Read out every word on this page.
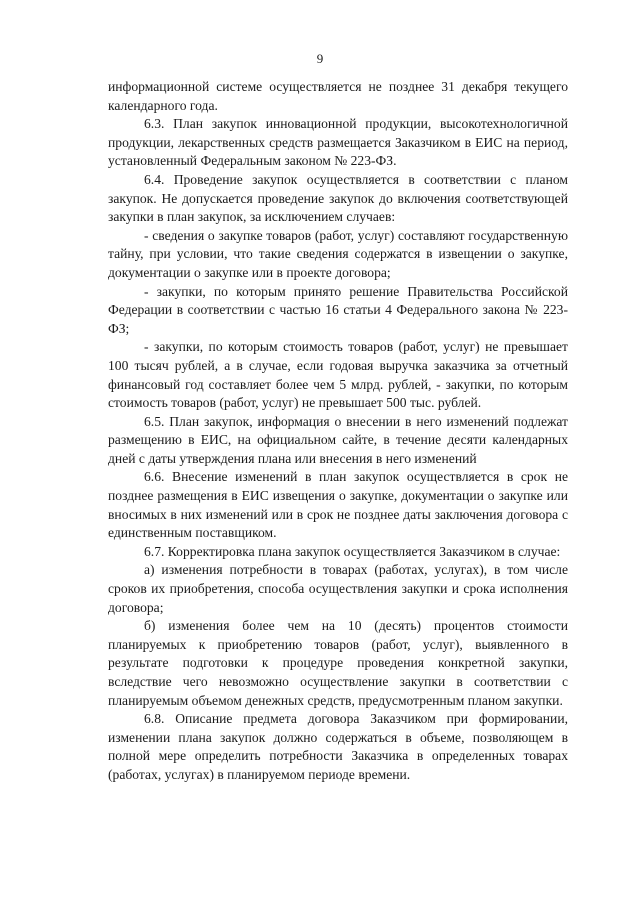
9

информационной системе осуществляется не позднее 31 декабря текущего календарного года.

6.3. План закупок инновационной продукции, высокотехнологичной продукции, лекарственных средств размещается Заказчиком в ЕИС на период, установленный Федеральным законом № 223-ФЗ.

6.4. Проведение закупок осуществляется в соответствии с планом закупок. Не допускается проведение закупок до включения соответствующей закупки в план закупок, за исключением случаев:

- сведения о закупке товаров (работ, услуг) составляют государственную тайну, при условии, что такие сведения содержатся в извещении о закупке, документации о закупке или в проекте договора;

- закупки, по которым принято решение Правительства Российской Федерации в соответствии с частью 16 статьи 4 Федерального закона № 223-ФЗ;

- закупки, по которым стоимость товаров (работ, услуг) не превышает 100 тысяч рублей, а в случае, если годовая выручка заказчика за отчетный финансовый год составляет более чем 5 млрд. рублей, - закупки, по которым стоимость товаров (работ, услуг) не превышает 500 тыс. рублей.

6.5. План закупок, информация о внесении в него изменений подлежат размещению в ЕИС, на официальном сайте, в течение десяти календарных дней с даты утверждения плана или внесения в него изменений

6.6. Внесение изменений в план закупок осуществляется в срок не позднее размещения в ЕИС извещения о закупке, документации о закупке или вносимых в них изменений или в срок не позднее даты заключения договора с единственным поставщиком.

6.7. Корректировка плана закупок осуществляется Заказчиком в случае:

а) изменения потребности в товарах (работах, услугах), в том числе сроков их приобретения, способа осуществления закупки и срока исполнения договора;

б) изменения более чем на 10 (десять) процентов стоимости планируемых к приобретению товаров (работ, услуг), выявленного в результате подготовки к процедуре проведения конкретной закупки, вследствие чего невозможно осуществление закупки в соответствии с планируемым объемом денежных средств, предусмотренным планом закупки.

6.8. Описание предмета договора Заказчиком при формировании, изменении плана закупок должно содержаться в объеме, позволяющем в полной мере определить потребности Заказчика в определенных товарах (работах, услугах) в планируемом периоде времени.
